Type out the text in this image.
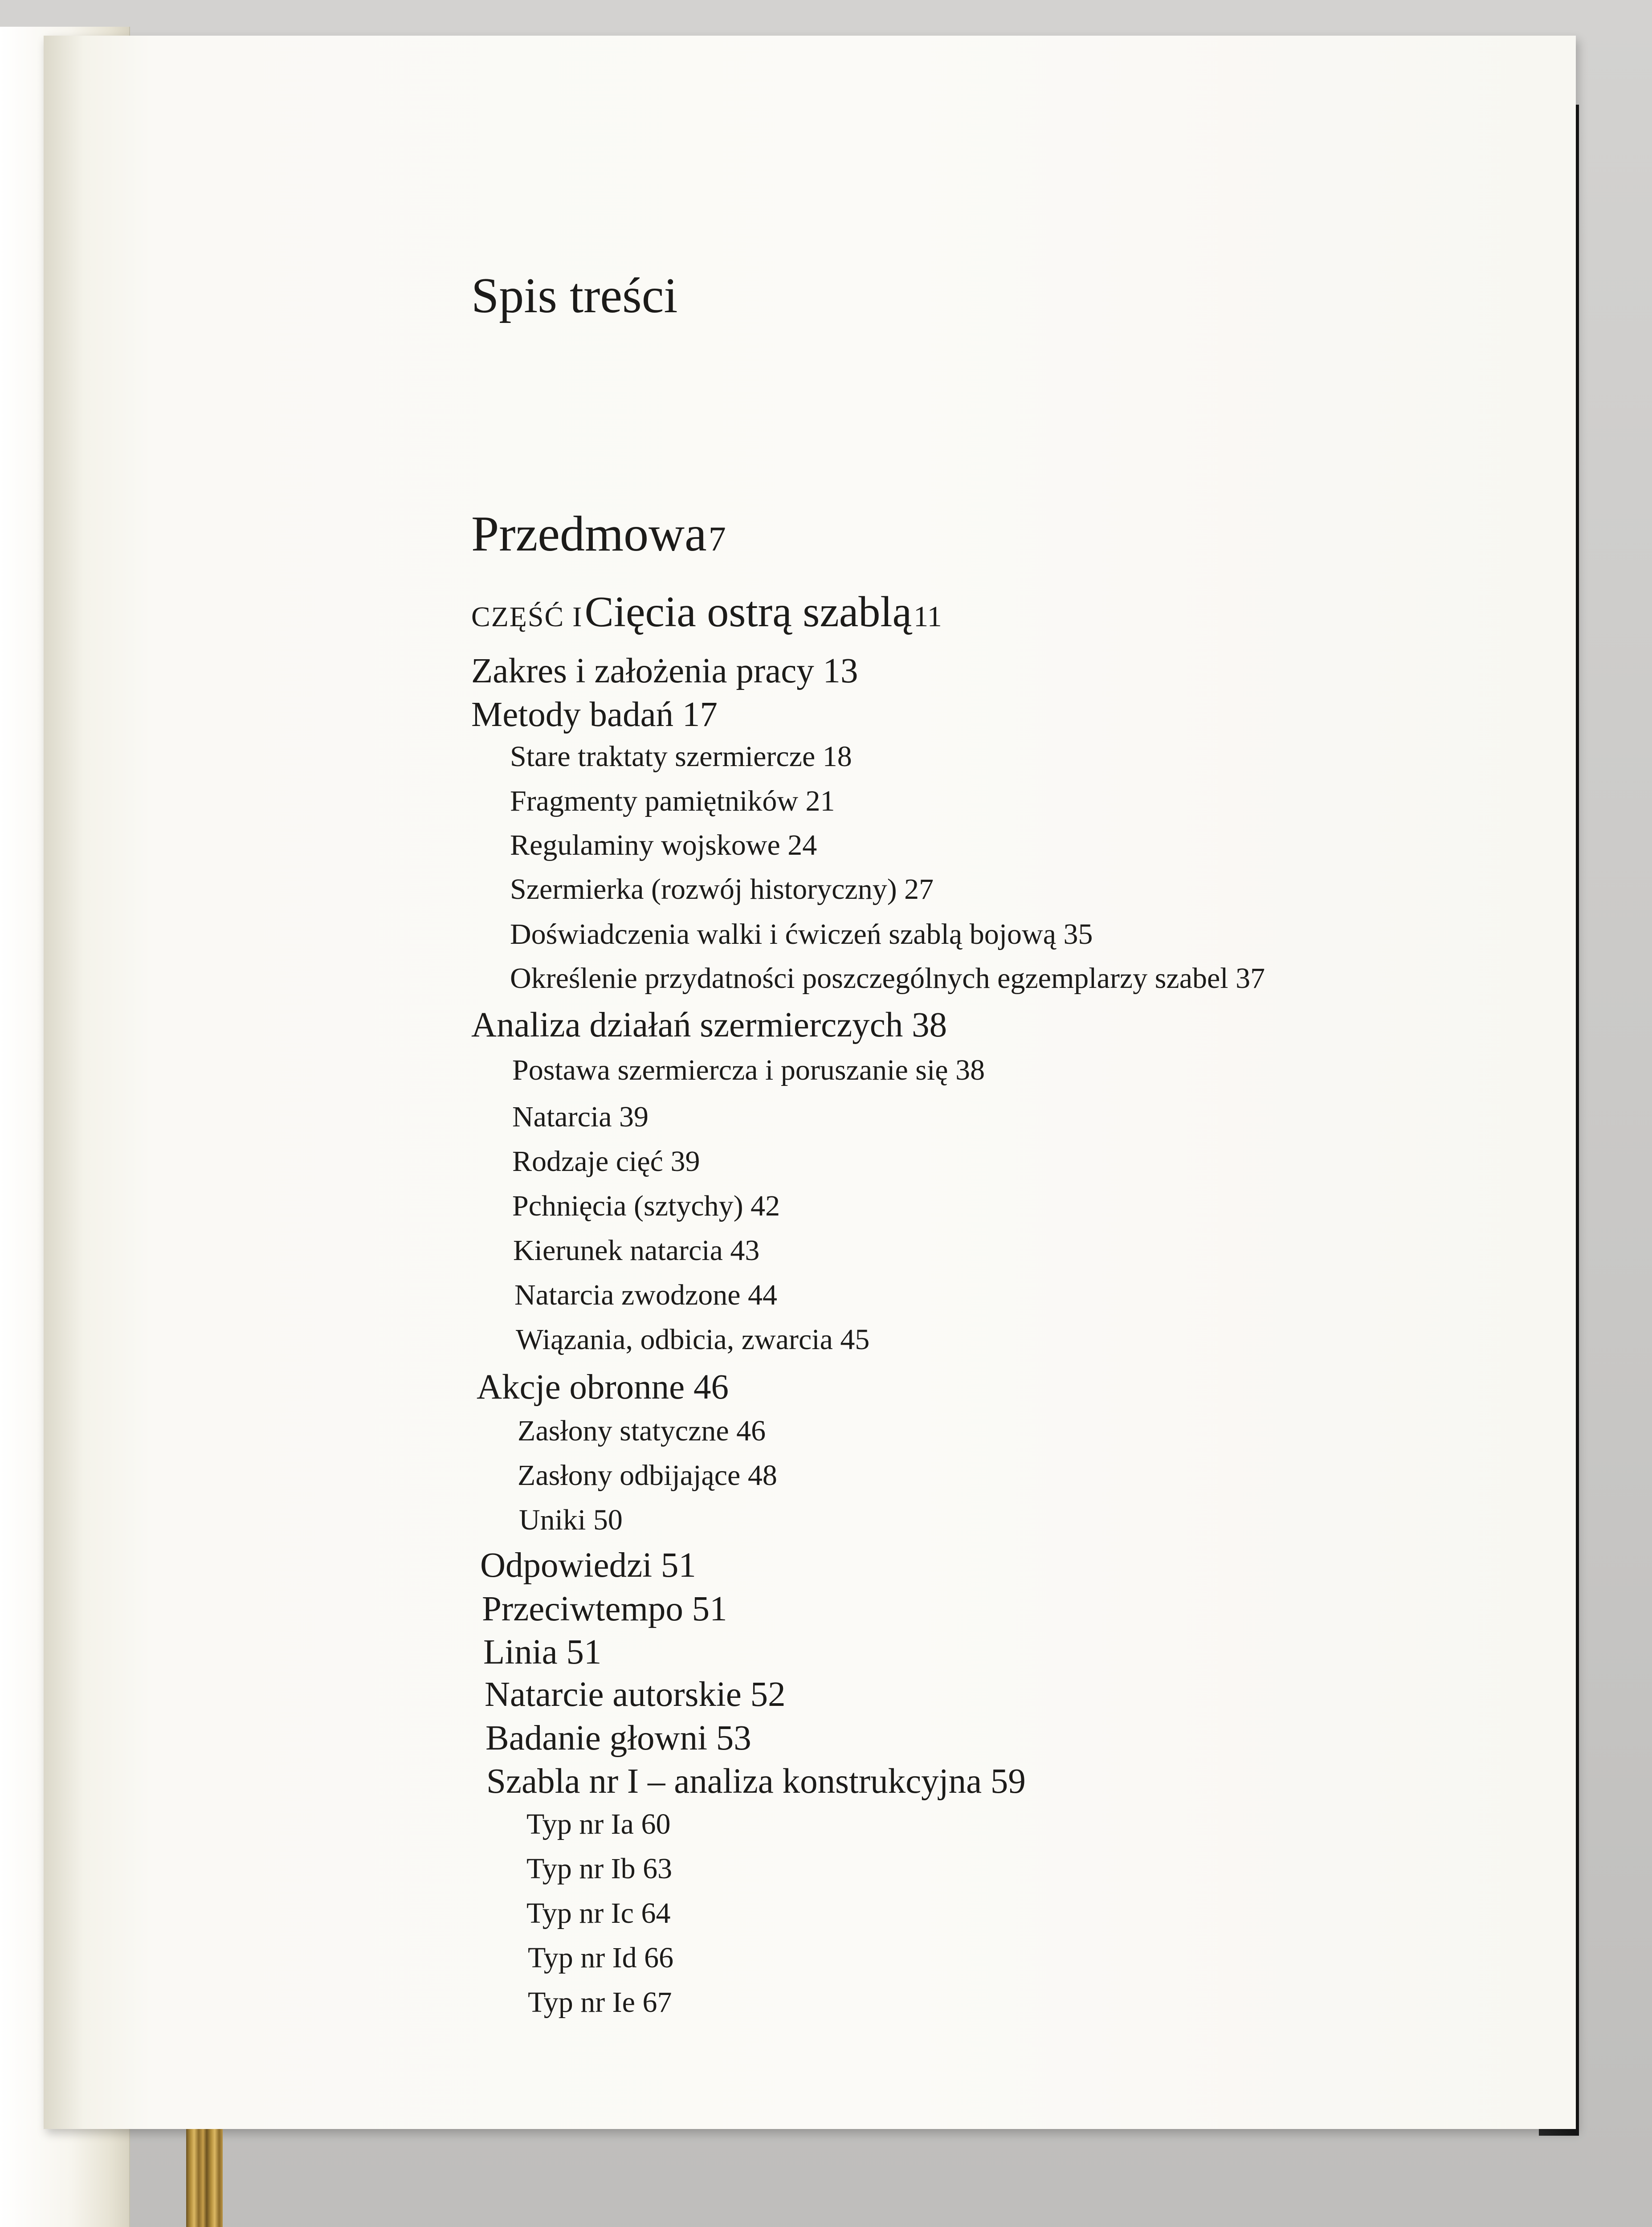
Spis treści
Przedmowa 7
CZĘŚĆ I Cięcia ostrą szablą 11
Zakres i założenia pracy 13
Metody badań 17
Stare traktaty szermiercze 18
Fragmenty pamiętników 21
Regulaminy wojskowe 24
Szermierka (rozwój historyczny) 27
Doświadczenia walki i ćwiczeń szablą bojową 35
Określenie przydatności poszczególnych egzemplarzy szabel 37
Analiza działań szermierczych 38
Postawa szermiercza i poruszanie się 38
Natarcia 39
Rodzaje cięć 39
Pchnięcia (sztychy) 42
Kierunek natarcia 43
Natarcia zwodzone 44
Wiązania, odbicia, zwarcia 45
Akcje obronne 46
Zasłony statyczne 46
Zasłony odbijające 48
Uniki 50
Odpowiedzi 51
Przeciwtempo 51
Linia 51
Natarcie autorskie 52
Badanie głowni 53
Szabla nr I – analiza konstrukcyjna 59
Typ nr Ia 60
Typ nr Ib 63
Typ nr Ic 64
Typ nr Id 66
Typ nr Ie 67
